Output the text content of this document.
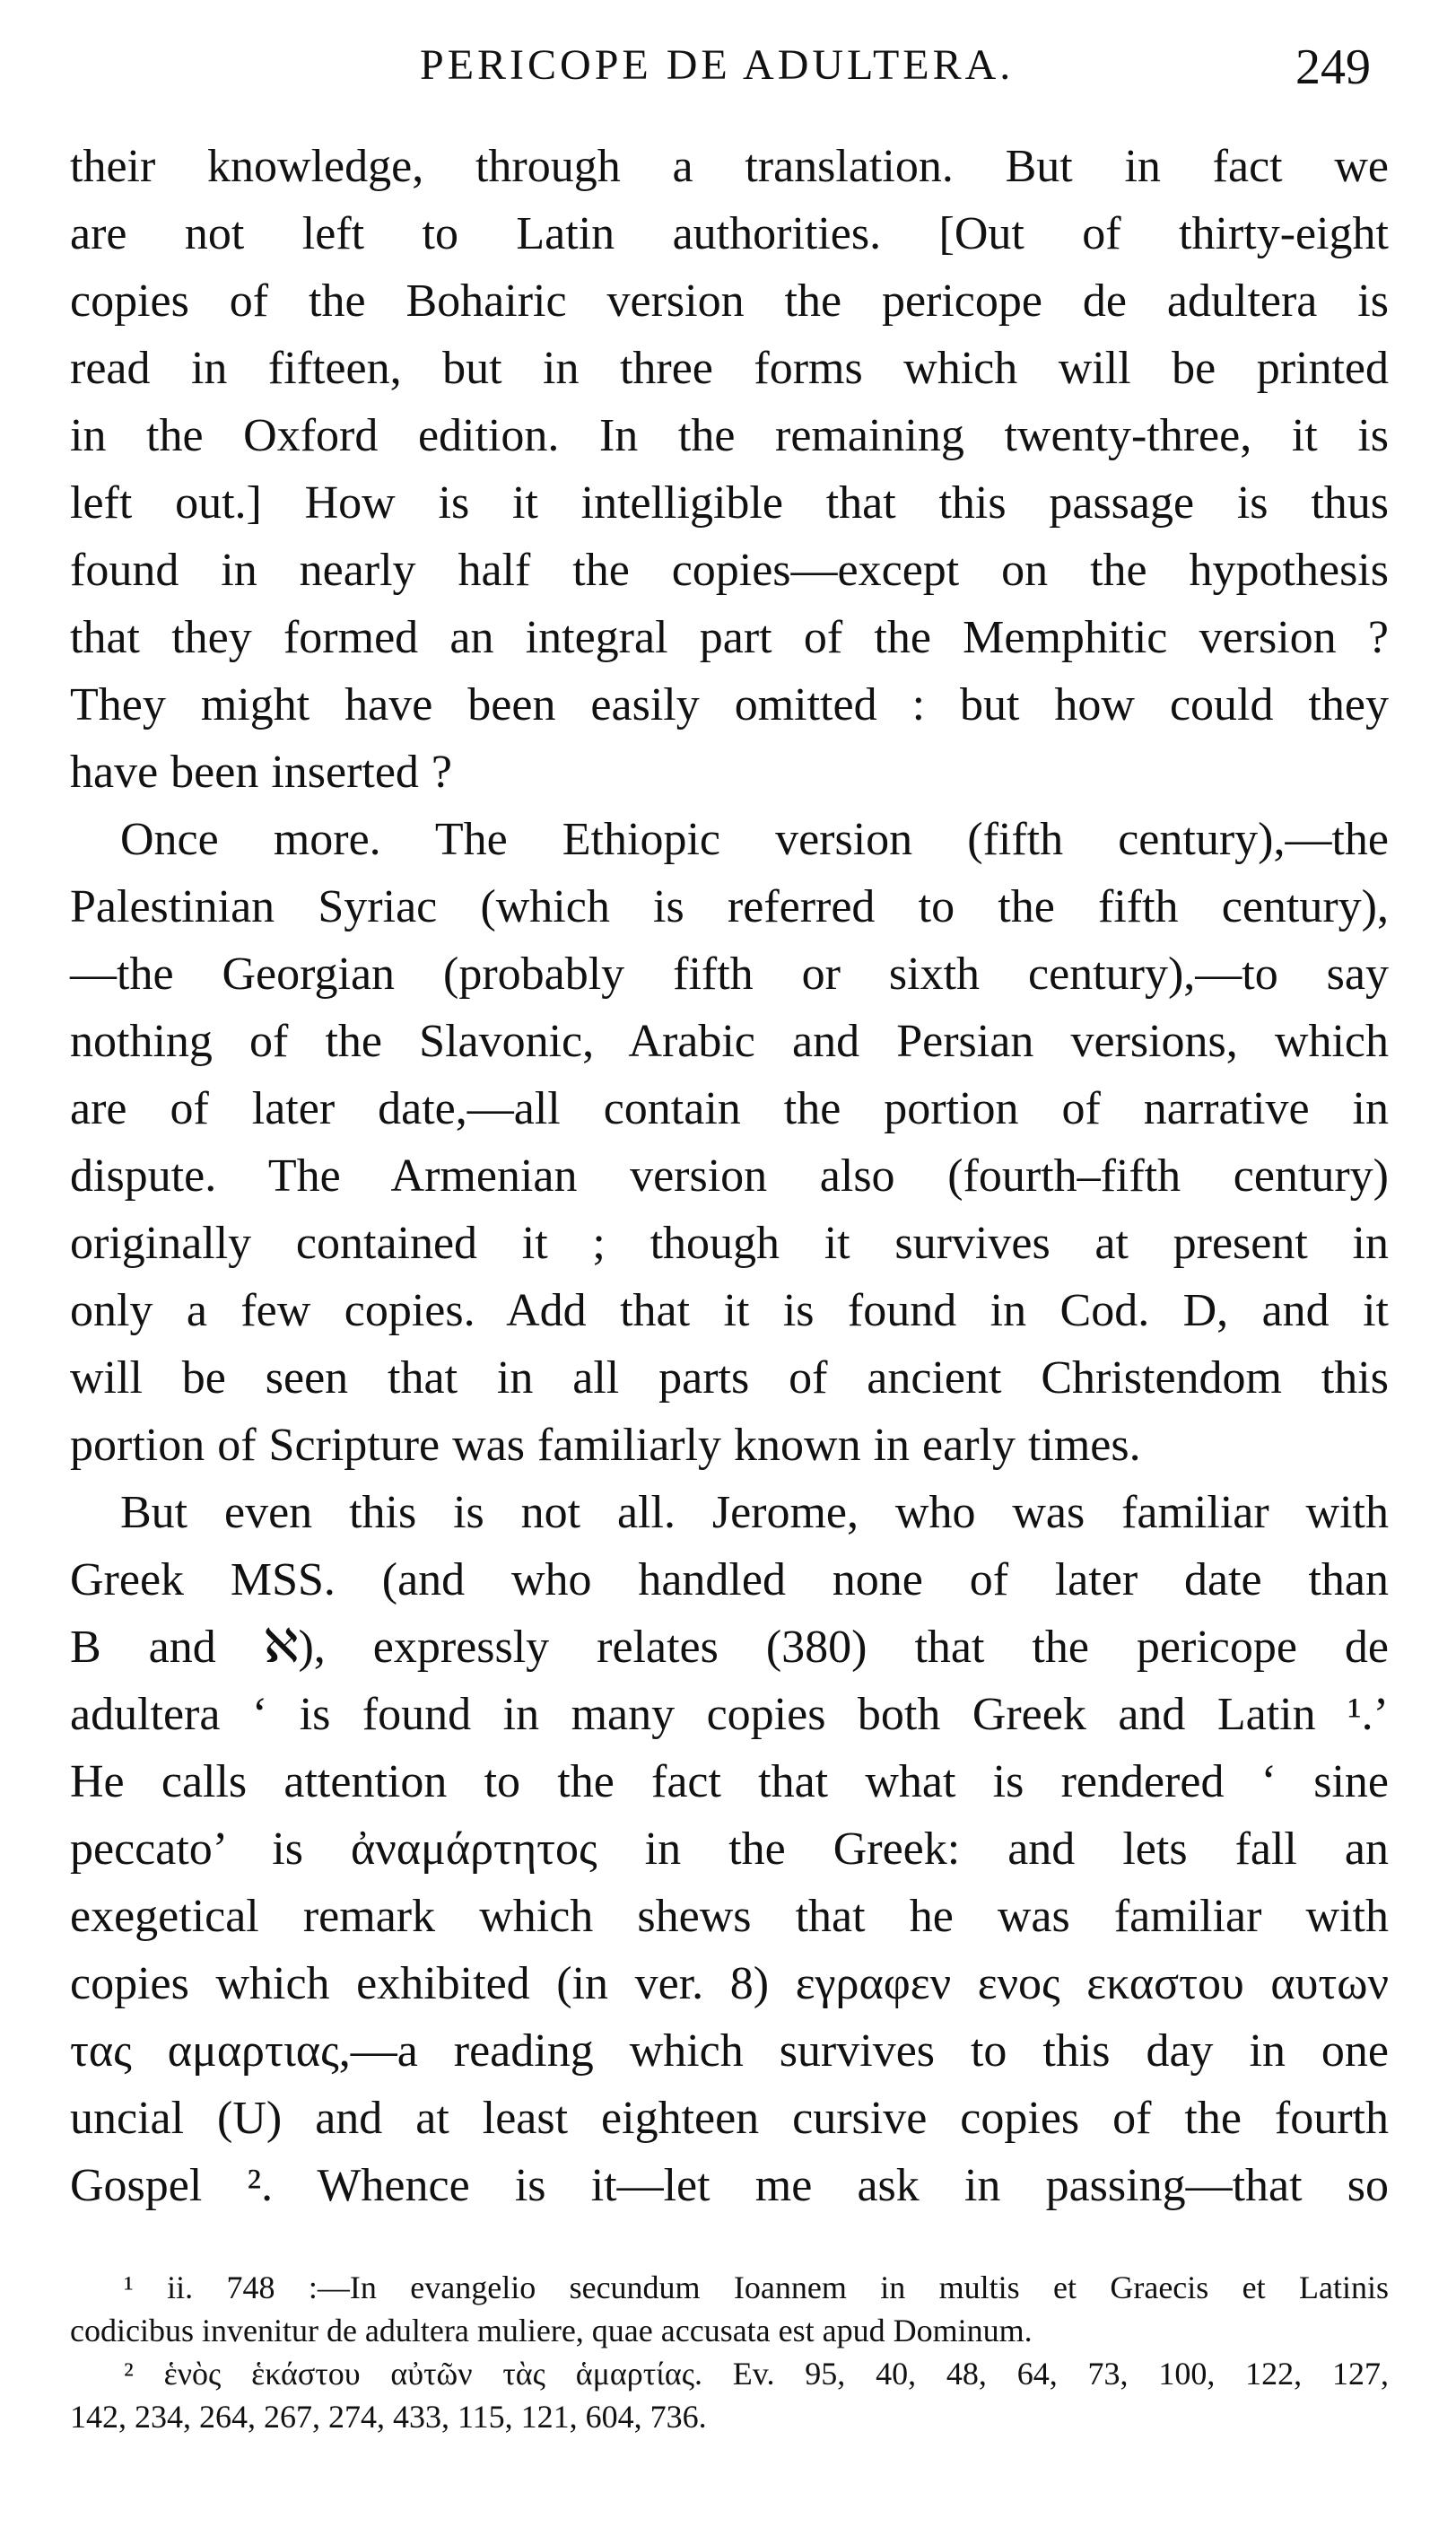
PERICOPE DE ADULTERA.	249
their knowledge, through a translation. But in fact we
are not left to Latin authorities. [Out of thirty-eight
copies of the Bohairic version the pericope de adultera is
read in fifteen, but in three forms which will be printed
in the Oxford edition. In the remaining twenty-three, it is
left out.] How is it intelligible that this passage is thus
found in nearly half the copies—except on the hypothesis
that they formed an integral part of the Memphitic version ?
They might have been easily omitted : but how could they
have been inserted ?
Once more. The Ethiopic version (fifth century),—the
Palestinian Syriac (which is referred to the fifth century),
—the Georgian (probably fifth or sixth century),—to say
nothing of the Slavonic, Arabic and Persian versions, which
are of later date,—all contain the portion of narrative in
dispute. The Armenian version also (fourth–fifth century)
originally contained it ; though it survives at present in
only a few copies. Add that it is found in Cod. D, and it
will be seen that in all parts of ancient Christendom this
portion of Scripture was familiarly known in early times.
But even this is not all. Jerome, who was familiar with
Greek MSS. (and who handled none of later date than
B and ℵ), expressly relates (380) that the pericope de
adultera ‘ is found in many copies both Greek and Latin ¹.’
He calls attention to the fact that what is rendered ‘ sine
peccato’ is ἀναμάρτητος in the Greek: and lets fall an
exegetical remark which shews that he was familiar with
copies which exhibited (in ver. 8) εγραφεν ενος εκαστου αυτων
τας αμαρτιας,—a reading which survives to this day in one
uncial (U) and at least eighteen cursive copies of the fourth
Gospel ². Whence is it—let me ask in passing—that so
¹ ii. 748 :—In evangelio secundum Ioannem in multis et Graecis et Latinis
codicibus invenitur de adultera muliere, quae accusata est apud Dominum.
² ἑνὸς ἑκάστου αὐτῶν τὰς ἁμαρτίας. Ev. 95, 40, 48, 64, 73, 100, 122, 127,
142, 234, 264, 267, 274, 433, 115, 121, 604, 736.
